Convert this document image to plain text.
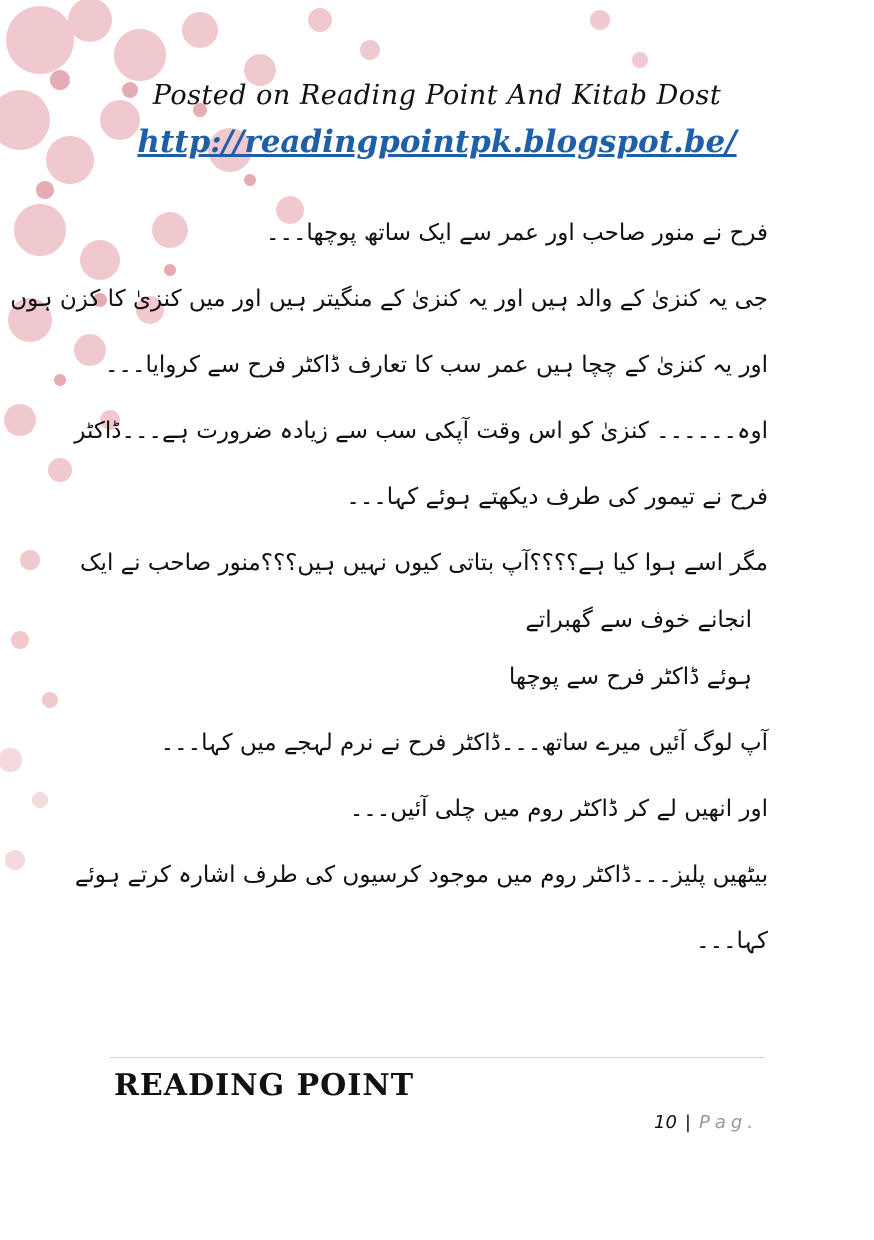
Posted on Reading Point And Kitab Dost
http://readingpointpk.blogspot.be/
فرح نے منور صاحب اور عمر سے ایک ساتھ پوچھا۔۔۔
جی یہ کنزیٰ کے والد ہیں اور یہ کنزیٰ کے منگیتر ہیں اور میں کنزیٰ کا کزن ہوں
اور یہ کنزیٰ کے چچا ہیں عمر سب کا تعارف ڈاکٹر فرح سے کروایا۔۔۔
اوہ۔۔۔۔۔۔ کنزیٰ کو اس وقت آپکی سب سے زیادہ ضرورت ہے۔۔۔ڈاکٹر
فرح نے تیمور کی طرف دیکھتے ہوئے کہا۔۔۔
مگر اسے ہوا کیا ہے؟؟؟؟آپ بتاتی کیوں نہیں ہیں؟؟؟منور صاحب نے ایک
انجانے خوف سے گھبراتے
ہوئے ڈاکٹر فرح سے پوچھا
آپ لوگ آئیں میرے ساتھ۔۔۔ڈاکٹر فرح نے نرم لہجے میں کہا۔۔۔
اور انھیں لے کر ڈاکٹر روم میں چلی آئیں۔۔۔
بیٹھیں پلیز۔۔۔ڈاکٹر روم میں موجود کرسیوں کی طرف اشارہ کرتے ہوئے
کہا۔۔۔
READING POINT
10 | Pag.
